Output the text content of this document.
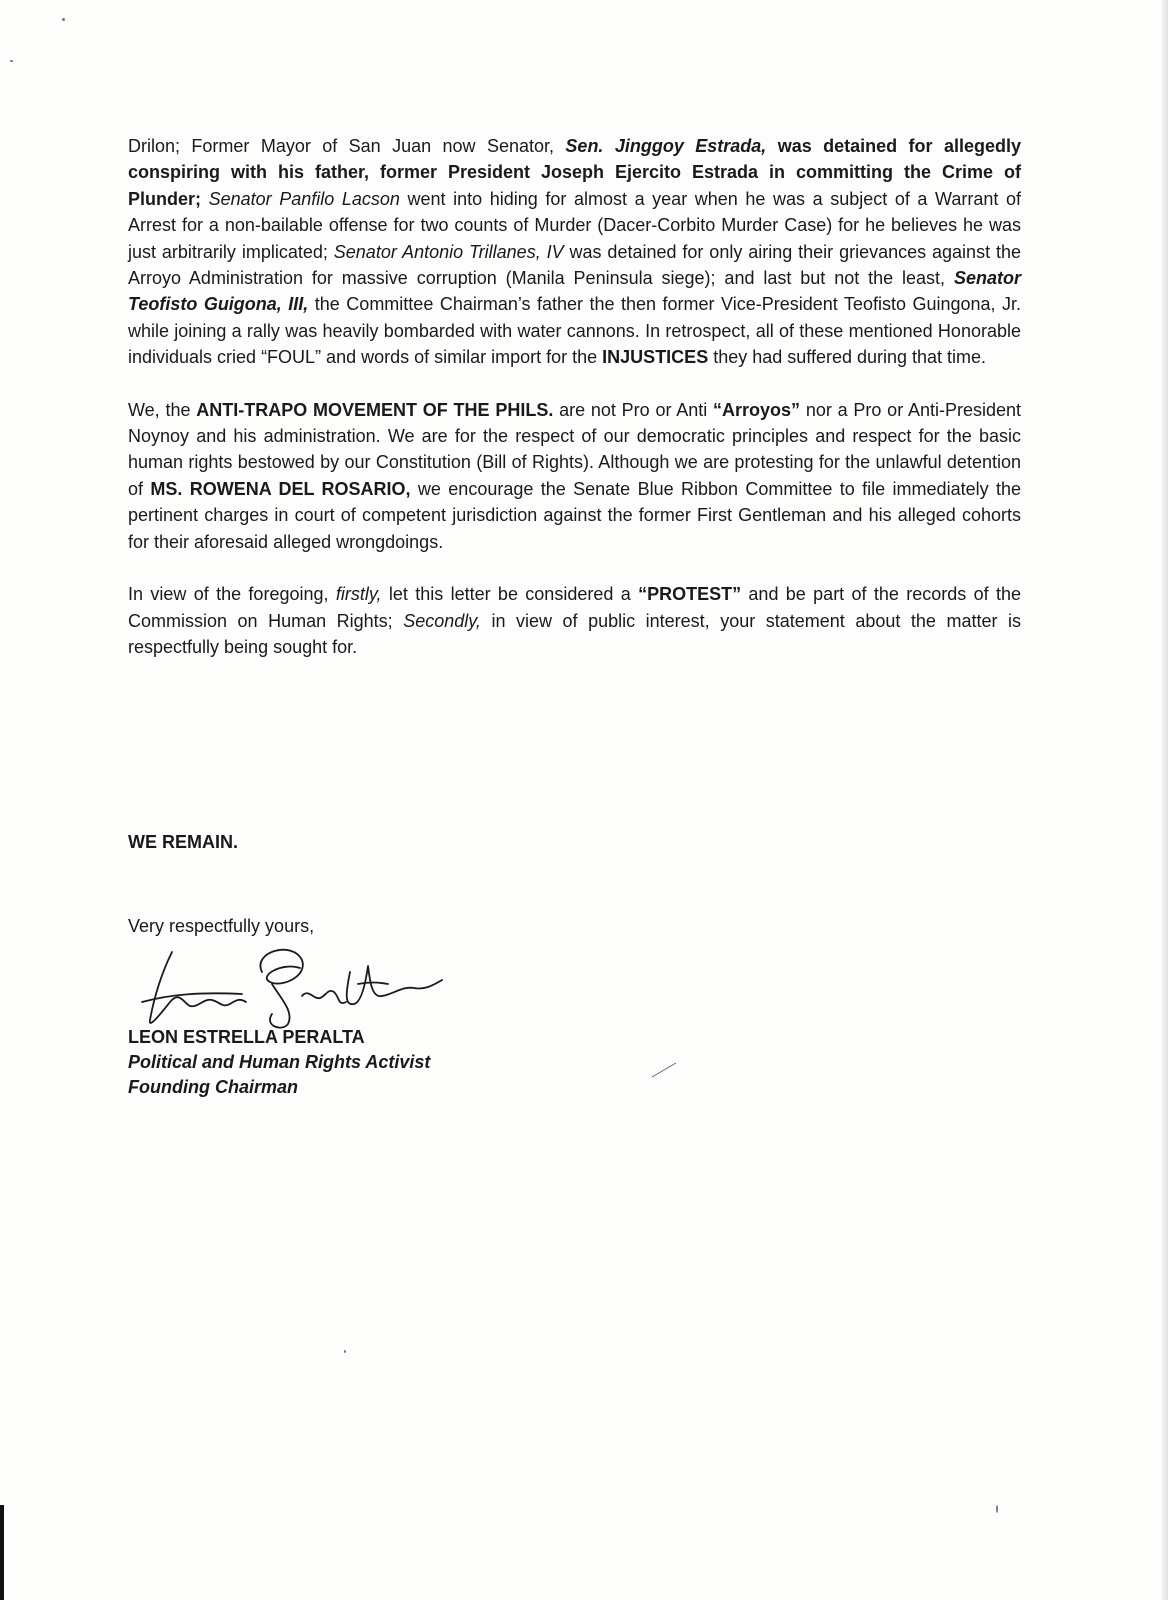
Drilon; Former Mayor of San Juan now Senator, Sen. Jinggoy Estrada, was detained for allegedly conspiring with his father, former President Joseph Ejercito Estrada in committing the Crime of Plunder; Senator Panfilo Lacson went into hiding for almost a year when he was a subject of a Warrant of Arrest for a non-bailable offense for two counts of Murder (Dacer-Corbito Murder Case) for he believes he was just arbitrarily implicated; Senator Antonio Trillanes, IV was detained for only airing their grievances against the Arroyo Administration for massive corruption (Manila Peninsula siege); and last but not the least, Senator Teofisto Guigona, III, the Committee Chairman’s father the then former Vice-President Teofisto Guingona, Jr. while joining a rally was heavily bombarded with water cannons. In retrospect, all of these mentioned Honorable individuals cried “FOUL” and words of similar import for the INJUSTICES they had suffered during that time.

We, the ANTI-TRAPO MOVEMENT OF THE PHILS. are not Pro or Anti “Arroyos” nor a Pro or Anti-President Noynoy and his administration. We are for the respect of our democratic principles and respect for the basic human rights bestowed by our Constitution (Bill of Rights). Although we are protesting for the unlawful detention of MS. ROWENA DEL ROSARIO, we encourage the Senate Blue Ribbon Committee to file immediately the pertinent charges in court of competent jurisdiction against the former First Gentleman and his alleged cohorts for their aforesaid alleged wrongdoings.

In view of the foregoing, firstly, let this letter be considered a “PROTEST” and be part of the records of the Commission on Human Rights; Secondly, in view of public interest, your statement about the matter is respectfully being sought for.

WE REMAIN.
Very respectfully yours,
LEON ESTRELLA PERALTA
Political and Human Rights Activist
Founding Chairman
